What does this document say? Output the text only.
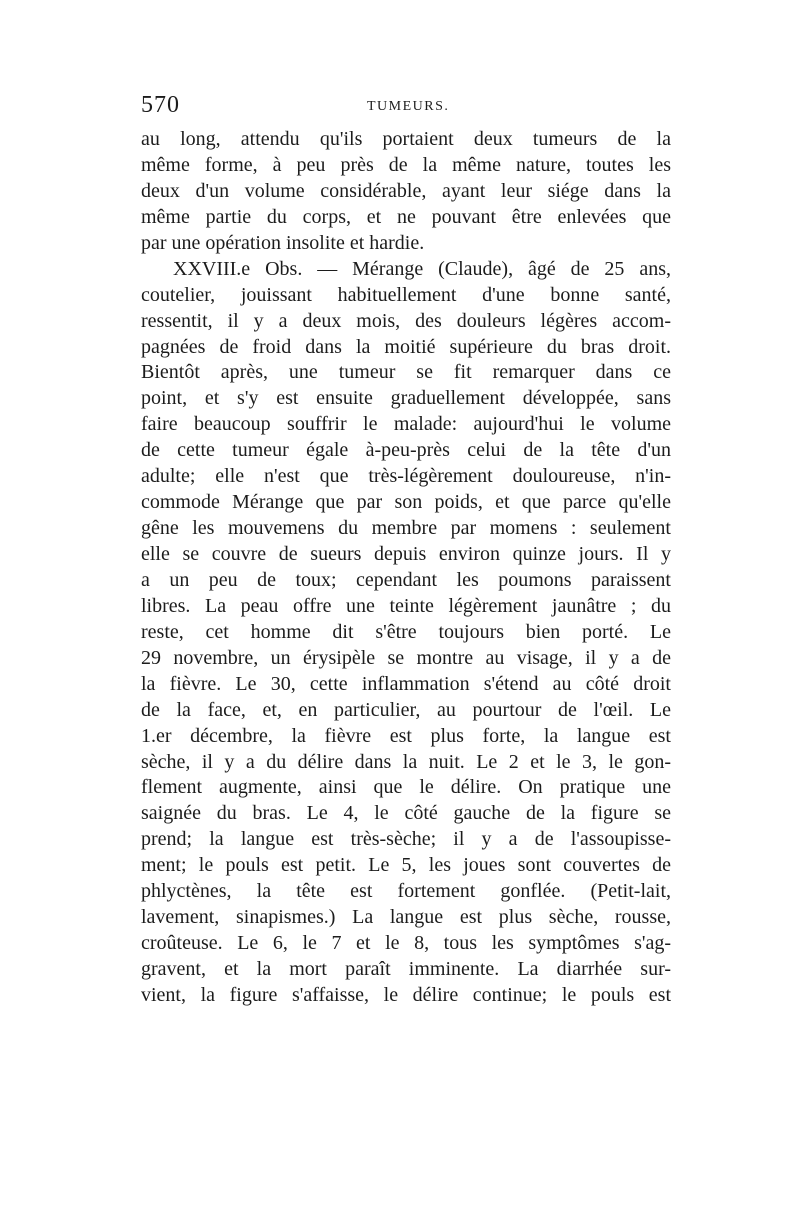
570	TUMEURS.
au long, attendu qu'ils portaient deux tumeurs de la
même forme, à peu près de la même nature, toutes les
deux d'un volume considérable, ayant leur siége dans la
même partie du corps, et ne pouvant être enlevées que
par une opération insolite et hardie.
XXVIII.e Obs. — Mérange (Claude), âgé de 25 ans,
coutelier, jouissant habituellement d'une bonne santé,
ressentit, il y a deux mois, des douleurs légères accom-
pagnées de froid dans la moitié supérieure du bras droit.
Bientôt après, une tumeur se fit remarquer dans ce
point, et s'y est ensuite graduellement développée, sans
faire beaucoup souffrir le malade: aujourd'hui le volume
de cette tumeur égale à-peu-près celui de la tête d'un
adulte; elle n'est que très-légèrement douloureuse, n'in-
commode Mérange que par son poids, et que parce qu'elle
gêne les mouvemens du membre par momens : seulement
elle se couvre de sueurs depuis environ quinze jours. Il y
a un peu de toux; cependant les poumons paraissent
libres. La peau offre une teinte légèrement jaunâtre ; du
reste, cet homme dit s'être toujours bien porté. Le
29 novembre, un érysipèle se montre au visage, il y a de
la fièvre. Le 30, cette inflammation s'étend au côté droit
de la face, et, en particulier, au pourtour de l'œil. Le
1.er décembre, la fièvre est plus forte, la langue est
sèche, il y a du délire dans la nuit. Le 2 et le 3, le gon-
flement augmente, ainsi que le délire. On pratique une
saignée du bras. Le 4, le côté gauche de la figure se
prend; la langue est très-sèche; il y a de l'assoupisse-
ment; le pouls est petit. Le 5, les joues sont couvertes de
phlyctènes, la tête est fortement gonflée. (Petit-lait,
lavement, sinapismes.) La langue est plus sèche, rousse,
croûteuse. Le 6, le 7 et le 8, tous les symptômes s'ag-
gravent, et la mort paraît imminente. La diarrhée sur-
vient, la figure s'affaisse, le délire continue; le pouls est
